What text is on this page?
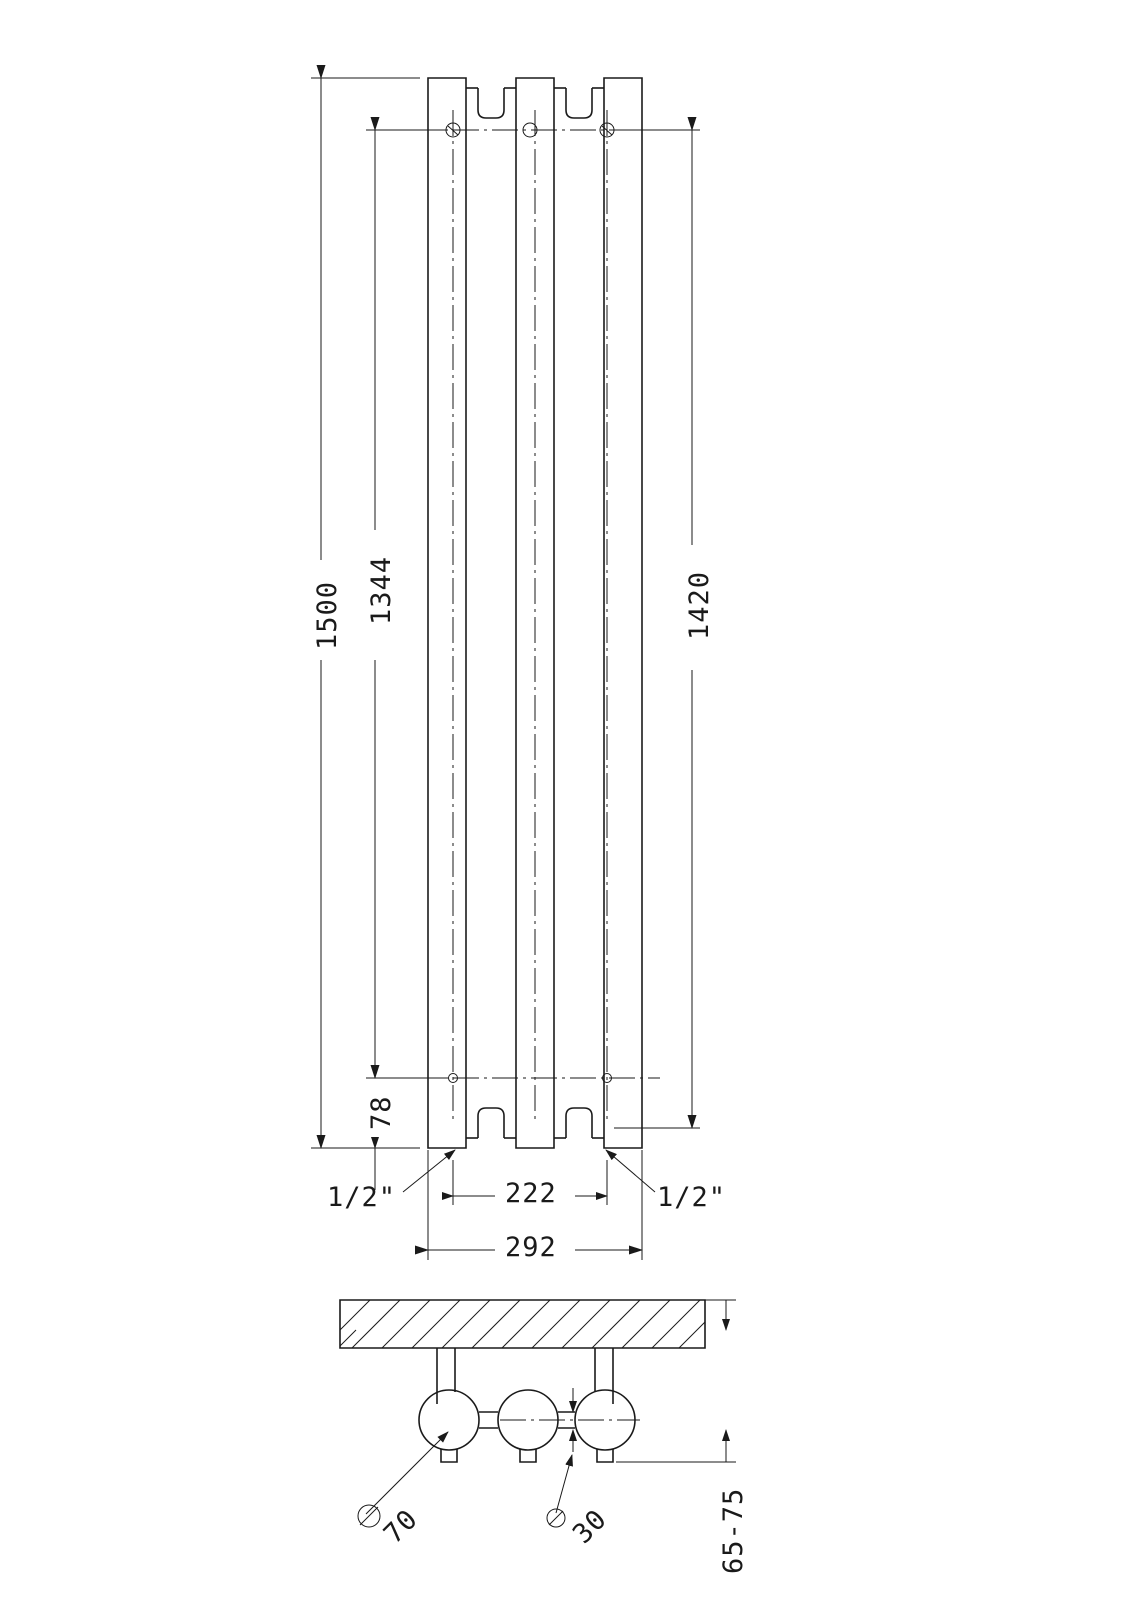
1500 1344	1420
78
222
292
1/2"	1/2"
70	30	65-75
